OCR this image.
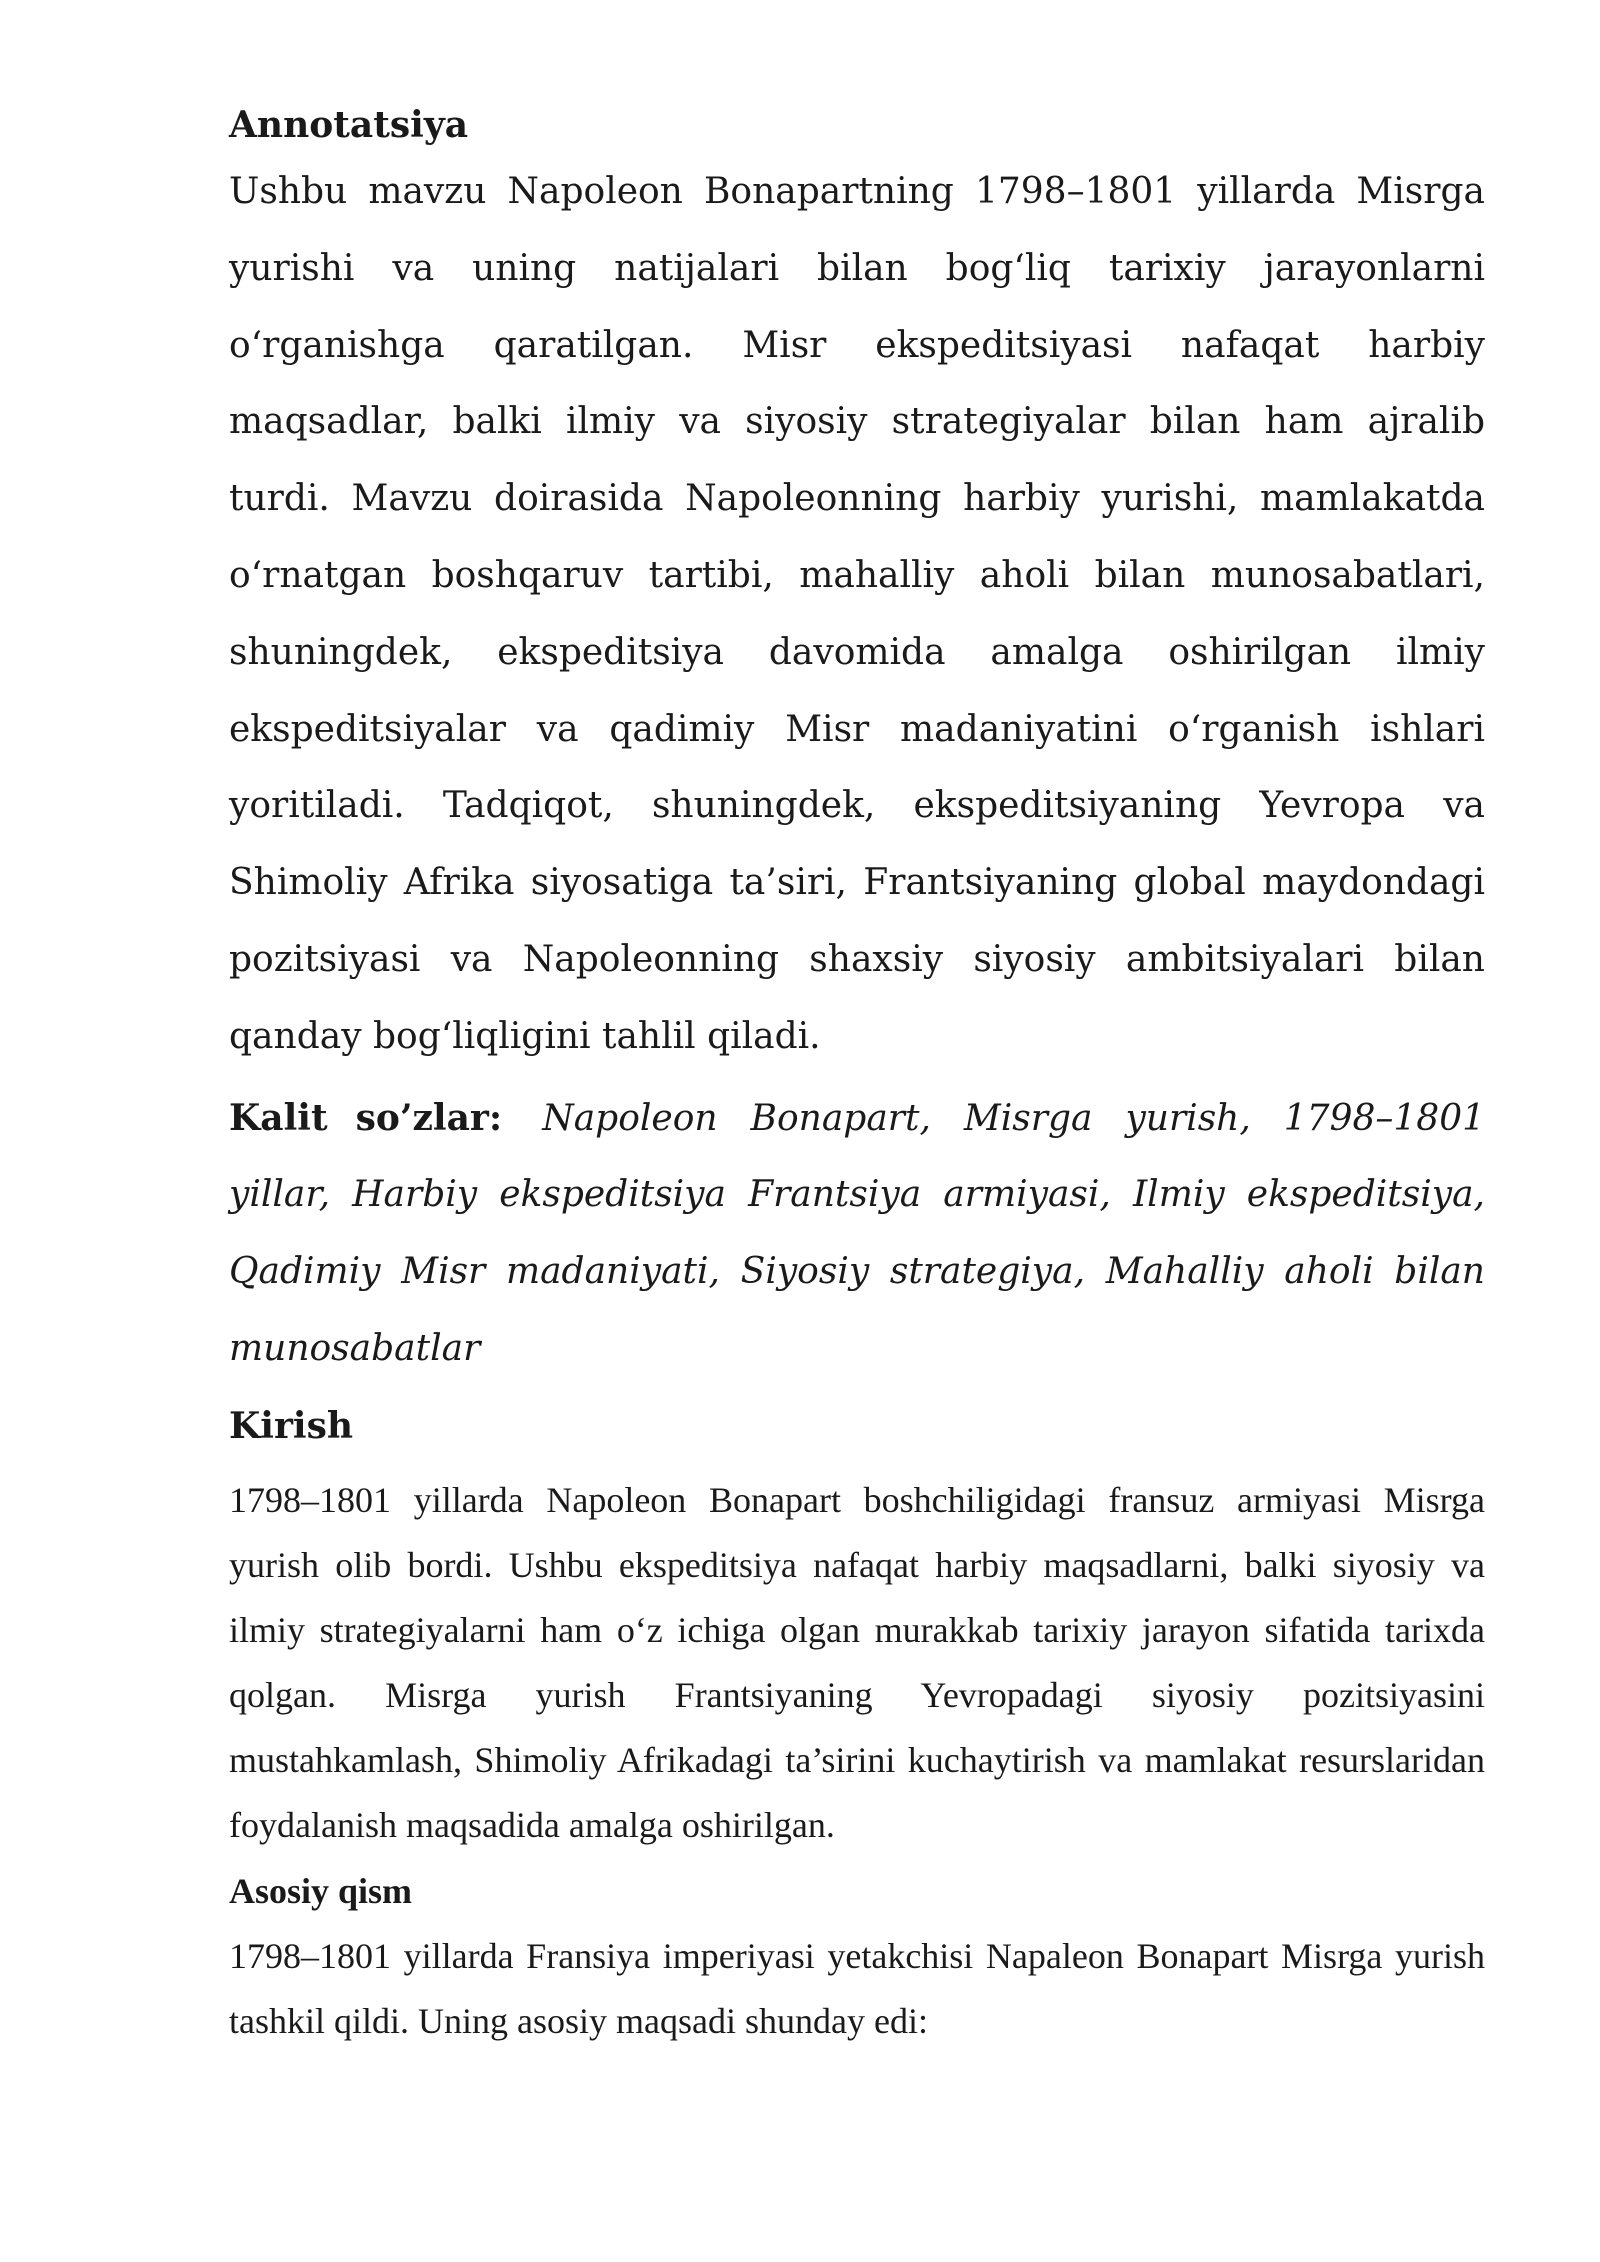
Annotatsiya

Ushbu mavzu Napoleon Bonapartning 1798–1801 yillarda Misrga yurishi va uning natijalari bilan bog‘liq tarixiy jarayonlarni o‘rganishga qaratilgan. Misr ekspeditsiyasi nafaqat harbiy maqsadlar, balki ilmiy va siyosiy strategiyalar bilan ham ajralib turdi. Mavzu doirasida Napoleonning harbiy yurishi, mamlakatda o‘rnatgan boshqaruv tartibi, mahalliy aholi bilan munosabatlari, shuningdek, ekspeditsiya davomida amalga oshirilgan ilmiy ekspeditsiyalar va qadimiy Misr madaniyatini o‘rganish ishlari yoritiladi. Tadqiqot, shuningdek, ekspeditsiyaning Yevropa va Shimoliy Afrika siyosatiga ta’siri, Frantsiyaning global maydondagi pozitsiyasi va Napoleonning shaxsiy siyosiy ambitsiyalari bilan qanday bog‘liqligini tahlil qiladi.

Kalit so’zlar: Napoleon Bonapart, Misrga yurish, 1798–1801 yillar, Harbiy ekspeditsiya Frantsiya armiyasi, Ilmiy ekspeditsiya, Qadimiy Misr madaniyati, Siyosiy strategiya, Mahalliy aholi bilan munosabatlar

Kirish

1798–1801 yillarda Napoleon Bonapart boshchiligidagi fransuz armiyasi Misrga yurish olib bordi. Ushbu ekspeditsiya nafaqat harbiy maqsadlarni, balki siyosiy va ilmiy strategiyalarni ham o‘z ichiga olgan murakkab tarixiy jarayon sifatida tarixda qolgan. Misrga yurish Frantsiyaning Yevropadagi siyosiy pozitsiyasini mustahkamlash, Shimoliy Afrikadagi ta’sirini kuchaytirish va mamlakat resurslaridan foydalanish maqsadida amalga oshirilgan.

Asosiy qism

1798–1801 yillarda Fransiya imperiyasi yetakchisi Napaleon Bonapart Misrga yurish tashkil qildi. Uning asosiy maqsadi shunday edi:
